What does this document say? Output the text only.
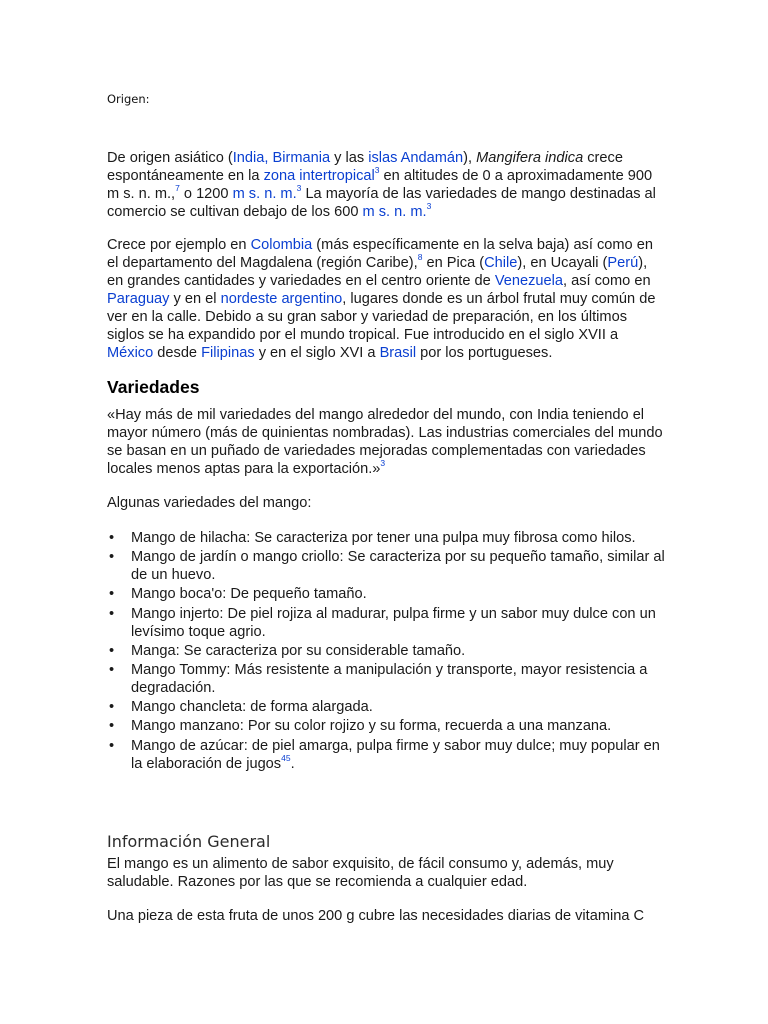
Origen:

De origen asiático (India, Birmania y las islas Andamán), Mangifera indica crece espontáneamente en la zona intertropical$^3$ en altitudes de 0 a aproximadamente 900 m s. n. m.,$^7$ o 1200 m s. n. m.$^3$ La mayoría de las variedades de mango destinadas al comercio se cultivan debajo de los 600 m s. n. m.$^3$

Crece por ejemplo en Colombia (más específicamente en la selva baja) así como en el departamento del Magdalena (región Caribe),$^8$ en Pica (Chile), en Ucayali (Perú), en grandes cantidades y variedades en el centro oriente de Venezuela, así como en Paraguay y en el nordeste argentino, lugares donde es un árbol frutal muy común de ver en la calle. Debido a su gran sabor y variedad de preparación, en los últimos siglos se ha expandido por el mundo tropical. Fue introducido en el siglo XVII a México desde Filipinas y en el siglo XVI a Brasil por los portugueses.

Variedades

«Hay más de mil variedades del mango alrededor del mundo, con India teniendo el mayor número (más de quinientas nombradas). Las industrias comerciales del mundo se basan en un puñado de variedades mejoradas complementadas con variedades locales menos aptas para la exportación.»$^3$

Algunas variedades del mango:

• Mango de hilacha: Se caracteriza por tener una pulpa muy fibrosa como hilos.
• Mango de jardín o mango criollo: Se caracteriza por su pequeño tamaño, similar al de un huevo.
• Mango boca'o: De pequeño tamaño.
• Mango injerto: De piel rojiza al madurar, pulpa firme y un sabor muy dulce con un levísimo toque agrio.
• Manga: Se caracteriza por su considerable tamaño.
• Mango Tommy: Más resistente a manipulación y transporte, mayor resistencia a degradación.
• Mango chancleta: de forma alargada.
• Mango manzano: Por su color rojizo y su forma, recuerda a una manzana.
• Mango de azúcar: de piel amarga, pulpa firme y sabor muy dulce; muy popular en la elaboración de jugos$^{45}$.
Información General

El mango es un alimento de sabor exquisito, de fácil consumo y, además, muy saludable. Razones por las que se recomienda a cualquier edad.

Una pieza de esta fruta de unos 200 g cubre las necesidades diarias de vitamina C
